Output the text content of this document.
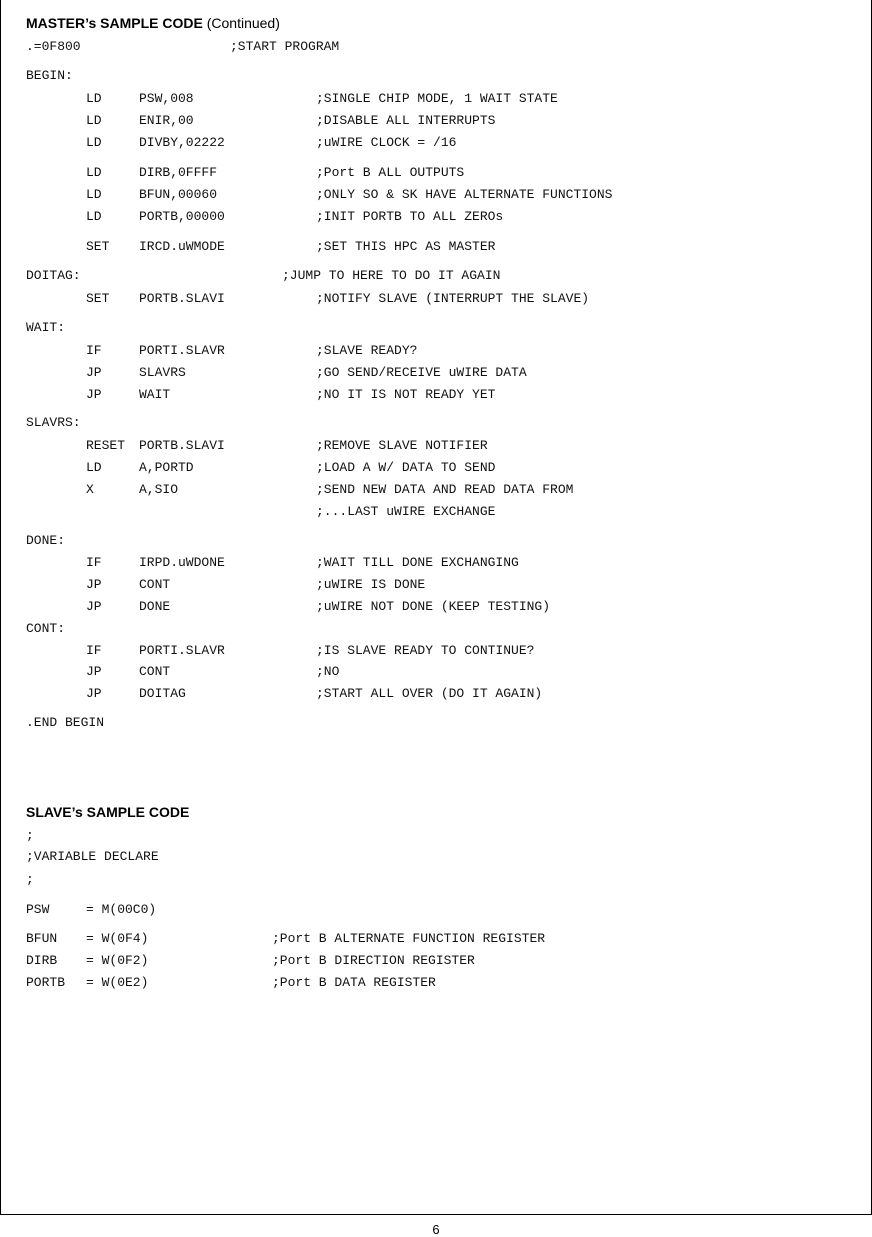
MASTER’s SAMPLE CODE (Continued)
.=0F800	;START PROGRAM
BEGIN:
LD	PSW,008	;SINGLE CHIP MODE, 1 WAIT STATE
LD	ENIR,00	;DISABLE ALL INTERRUPTS
LD	DIVBY,02222	;uWIRE CLOCK = /16
LD	DIRB,0FFFF	;Port B ALL OUTPUTS
LD	BFUN,00060	;ONLY SO & SK HAVE ALTERNATE FUNCTIONS
LD	PORTB,00000	;INIT PORTB TO ALL ZEROs
SET IRCD.uWMODE	;SET THIS HPC AS MASTER
DOITAG:	;JUMP TO HERE TO DO IT AGAIN
SET PORTB.SLAVI	;NOTIFY SLAVE (INTERRUPT THE SLAVE)
WAIT:
IF	PORTI.SLAVR	;SLAVE READY?
JP	SLAVRS	;GO SEND/RECEIVE uWIRE DATA
JP	WAIT	;NO IT IS NOT READY YET
SLAVRS:
RESET PORTB.SLAVI	;REMOVE SLAVE NOTIFIER
LD	A,PORTD	;LOAD A W/ DATA TO SEND
X	A,SIO	;SEND NEW DATA AND READ DATA FROM
;...LAST uWIRE EXCHANGE
DONE:
IF	IRPD.uWDONE	;WAIT TILL DONE EXCHANGING
JP	CONT	;uWIRE IS DONE
JP	DONE	;uWIRE NOT DONE (KEEP TESTING)
CONT:
IF	PORTI.SLAVR	;IS SLAVE READY TO CONTINUE?
JP	CONT	;NO
JP	DOITAG	;START ALL OVER (DO IT AGAIN)
.END BEGIN
SLAVE’s SAMPLE CODE
;
;VARIABLE DECLARE
;
PSW	= M(00C0)
BFUN = W(0F4)	;Port B ALTERNATE FUNCTION REGISTER
DIRB = W(0F2)	;Port B DIRECTION REGISTER
PORTB = W(0E2)	;Port B DATA REGISTER
6
